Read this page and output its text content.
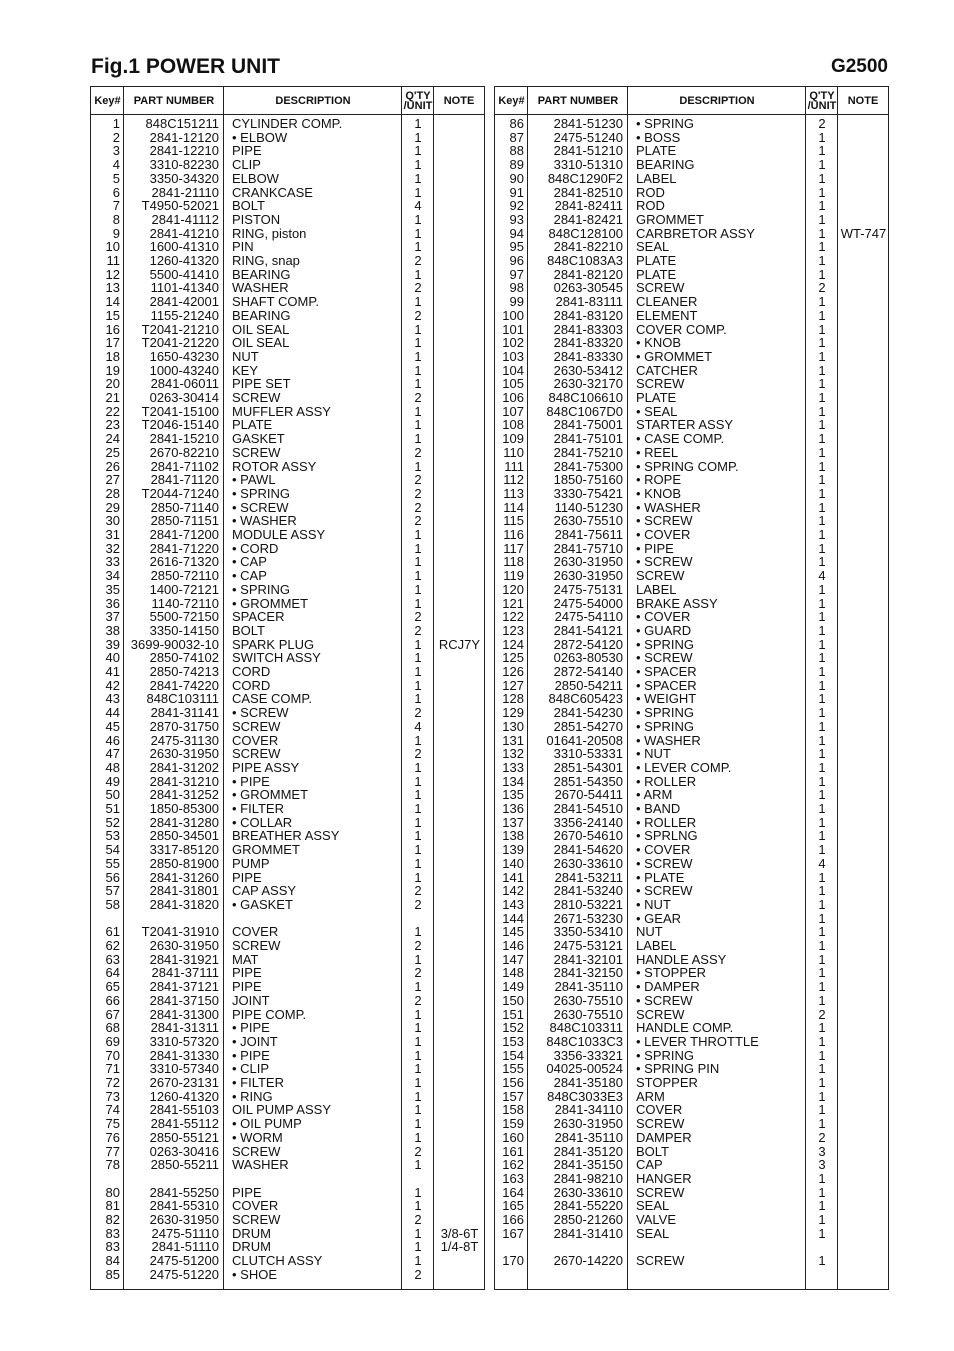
Fig.1 POWER UNIT	G2500
Key#	PART NUMBER	DESCRIPTION	Q'TY
/UNIT	NOTE
1	848C151211 CYLINDER COMP.	1
2	2841-12120 • ELBOW	1
3	2841-12210 PIPE	1
4	3310-82230 CLIP	1
5	3350-34320 ELBOW	1
6	2841-21110 CRANKCASE	1
7	T4950-52021 BOLT	4
8	2841-41112 PISTON	1
9	2841-41210 RING, piston	1
10	1600-41310 PIN	1
11	1260-41320 RING, snap	2
12	5500-41410 BEARING	1
13	1101-41340 WASHER	2
14	2841-42001 SHAFT COMP.	1
15	1155-21240 BEARING	2
16	T2041-21210 OIL SEAL	1
17	T2041-21220 OIL SEAL	1
18	1650-43230 NUT	1
19	1000-43240 KEY	1
20	2841-06011 PIPE SET	1
21	0263-30414 SCREW	2
22	T2041-15100 MUFFLER ASSY	1
23	T2046-15140 PLATE	1
24	2841-15210 GASKET	1
25	2670-82210 SCREW	2
26	2841-71102 ROTOR ASSY	1
27	2841-71120 • PAWL	2
28	T2044-71240 • SPRING	2
29	2850-71140 • SCREW	2
30	2850-71151 • WASHER	2
31	2841-71200 MODULE ASSY	1
32	2841-71220 • CORD	1
33	2616-71320 • CAP	1
34	2850-72110 • CAP	1
35	1400-72121 • SPRING	1
36	1140-72110 • GROMMET	1
37	5500-72150 SPACER	2
38	3350-14150 BOLT	2
39 3699-90032-10 SPARK PLUG	1	RCJ7Y
40	2850-74102 SWITCH ASSY	1
41	2850-74213 CORD	1
42	2841-74220 CORD	1
43	848C103111 CASE COMP.	1
44	2841-31141 • SCREW	2
45	2870-31750 SCREW	4
46	2475-31130 COVER	1
47	2630-31950 SCREW	2
48	2841-31202 PIPE ASSY	1
49	2841-31210 • PIPE	1
50	2841-31252 • GROMMET	1
51	1850-85300 • FILTER	1
52	2841-31280 • COLLAR	1
53	2850-34501 BREATHER ASSY	1
54	3317-85120 GROMMET	1
55	2850-81900 PUMP	1
56	2841-31260 PIPE	1
57	2841-31801 CAP ASSY	2
58	2841-31820 • GASKET	2
61	T2041-31910 COVER	1
62	2630-31950 SCREW	2
63	2841-31921 MAT	1
64	2841-37111 PIPE	2
65	2841-37121 PIPE	1
66	2841-37150 JOINT	2
67	2841-31300 PIPE COMP.	1
68	2841-31311 • PIPE	1
69	3310-57320 • JOINT	1
70	2841-31330 • PIPE	1
71	3310-57340 • CLIP	1
72	2670-23131 • FILTER	1
73	1260-41320 • RING	1
74	2841-55103 OIL PUMP ASSY	1
75	2841-55112 • OIL PUMP	1
76	2850-55121 • WORM	1
77	0263-30416 SCREW	2
78	2850-55211 WASHER	1
80	2841-55250 PIPE	1
81	2841-55310 COVER	1
82	2630-31950 SCREW	2
83	2475-51110 DRUM	1	3/8-6T
83	2841-51110 DRUM	1	1/4-8T
84	2475-51200 CLUTCH ASSY	1
85	2475-51220 • SHOE	2
Key#	PART NUMBER	DESCRIPTION	Q'TY
/UNIT	NOTE
86	2841-51230 • SPRING	2
87	2475-51240 • BOSS	1
88	2841-51210 PLATE	1
89	3310-51310 BEARING	1
90	848C1290F2 LABEL	1
91	2841-82510 ROD	1
92	2841-82411 ROD	1
93	2841-82421 GROMMET	1
94	848C128100 CARBRETOR ASSY	1	WT-747
95	2841-82210 SEAL	1
96	848C1083A3 PLATE	1
97	2841-82120 PLATE	1
98	0263-30545 SCREW	2
99	2841-83111 CLEANER	1
100	2841-83120 ELEMENT	1
101	2841-83303 COVER COMP.	1
102	2841-83320 • KNOB	1
103	2841-83330 • GROMMET	1
104	2630-53412 CATCHER	1
105	2630-32170 SCREW	1
106	848C106610 PLATE	1
107	848C1067D0 • SEAL	1
108	2841-75001 STARTER ASSY	1
109	2841-75101 • CASE COMP.	1
110	2841-75210 • REEL	1
111	2841-75300 • SPRING COMP.	1
112	1850-75160 • ROPE	1
113	3330-75421 • KNOB	1
114	1140-51230 • WASHER	1
115	2630-75510 • SCREW	1
116	2841-75611 • COVER	1
117	2841-75710 • PIPE	1
118	2630-31950 • SCREW	1
119	2630-31950 SCREW	4
120	2475-75131 LABEL	1
121	2475-54000 BRAKE ASSY	1
122	2475-54110 • COVER	1
123	2841-54121 • GUARD	1
124	2872-54120 • SPRING	1
125	0263-80530 • SCREW	1
126	2872-54140 • SPACER	1
127	2850-54211 • SPACER	1
128	848C605423 • WEIGHT	1
129	2841-54230 • SPRING	1
130	2851-54270 • SPRING	1
131	01641-20508 • WASHER	1
132	3310-53331 • NUT	1
133	2851-54301 • LEVER COMP.	1
134	2851-54350 • ROLLER	1
135	2670-54411 • ARM	1
136	2841-54510 • BAND	1
137	3356-24140 • ROLLER	1
138	2670-54610 • SPRLNG	1
139	2841-54620 • COVER	1
140	2630-33610 • SCREW	4
141	2841-53211 • PLATE	1
142	2841-53240 • SCREW	1
143	2810-53221 • NUT	1
144	2671-53230 • GEAR	1
145	3350-53410 NUT	1
146	2475-53121 LABEL	1
147	2841-32101 HANDLE ASSY	1
148	2841-32150 • STOPPER	1
149	2841-35110 • DAMPER	1
150	2630-75510 • SCREW	1
151	2630-75510 SCREW	2
152	848C103311 HANDLE COMP.	1
153	848C1033C3 • LEVER THROTTLE	1
154	3356-33321 • SPRING	1
155	04025-00524 • SPRING PIN	1
156	2841-35180 STOPPER	1
157	848C3033E3 ARM	1
158	2841-34110 COVER	1
159	2630-31950 SCREW	1
160	2841-35110 DAMPER	2
161	2841-35120 BOLT	3
162	2841-35150 CAP	3
163	2841-98210 HANGER	1
164	2630-33610 SCREW	1
165	2841-55220 SEAL	1
166	2850-21260 VALVE	1
167	2841-31410 SEAL	1
170	2670-14220 SCREW	1
